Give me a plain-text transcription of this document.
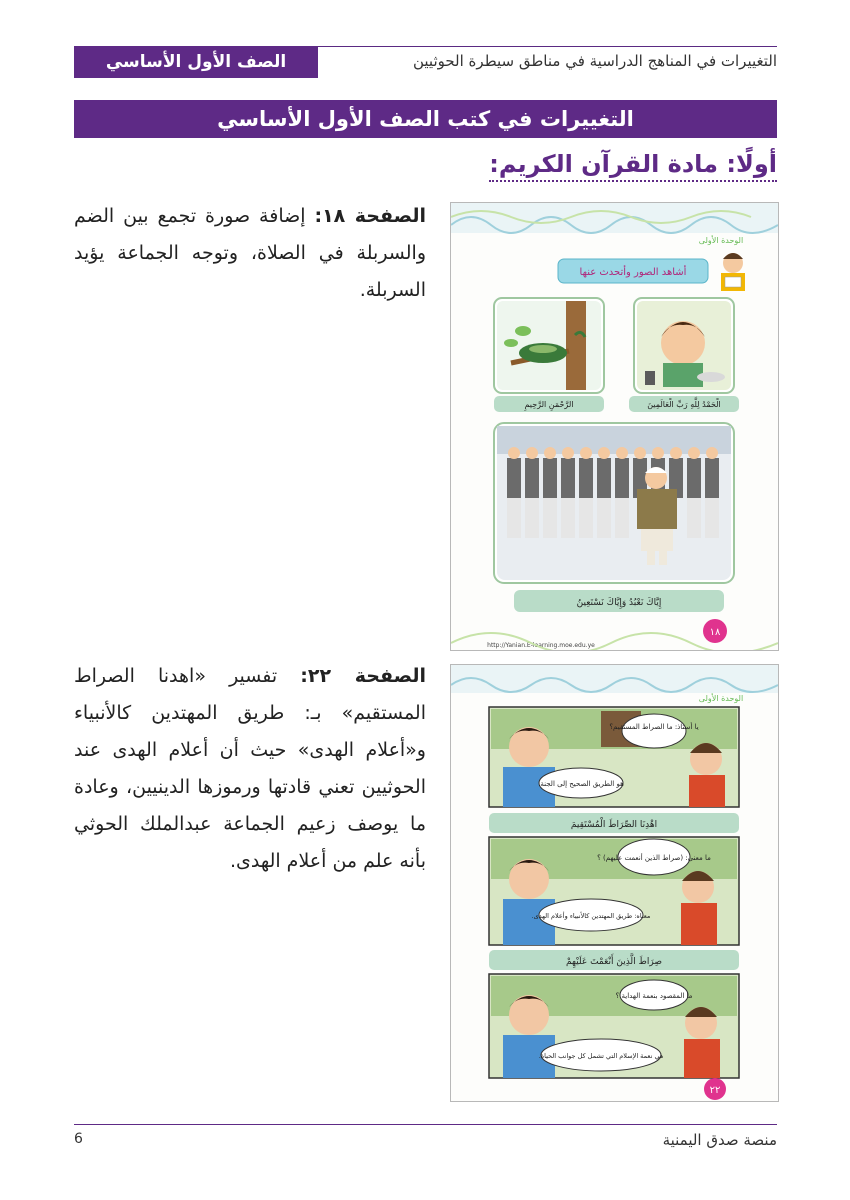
الصف الأول الأساسي	التغييرات في المناهج الدراسية في مناطق سيطرة الحوثيين
التغييرات في كتب الصف الأول الأساسي
أولًا: مادة القرآن الكريم:
الصفحة ١٨: إضافة صورة تجمع بين الضم والسربلة في الصلاة، وتوجه الجماعة يؤيد السربلة.
الصفحة ٢٢: تفسير «اهدنا الصراط المستقيم» بـ: طريق المهتدين كالأنبياء و«أعلام الهدى» حيث أن أعلام الهدى عند الحوثيين تعني قادتها ورموزها الدينيين، وعادة ما يوصف زعيم الجماعة عبدالملك الحوثي بأنه علم من أعلام الهدى.
الوحدة الأولى
أشاهد الصور وأتحدث عنها
الْحَمْدُ لِلَّهِ رَبِّ الْعَالَمِينَ
الرَّحْمَنِ الرَّحِيمِ
إِيَّاكَ نَعْبُدُ وَإِيَّاكَ نَسْتَعِينُ
١٨
http://Yanian.E-learning.moe.edu.ye
الوحدة الأولى
يا أستاذ: ما الصراط المستقيم؟
هو الطريق الصحيح إلى الجنة.
اهْدِنَا الصِّرَاطَ الْمُسْتَقِيمَ
ما معنى: (صراط الذين أنعمت عليهم) ؟
معناه: طريق المهتدين كالأنبياء وأعلام الهدى.
صِرَاطَ الَّذِينَ أَنْعَمْتَ عَلَيْهِمْ
ما المقصود بنعمة الهداية ؟
هي نعمة الإسلام التي تشمل كل جوانب الحياة.
٢٢
منصة صدق اليمنية
6
